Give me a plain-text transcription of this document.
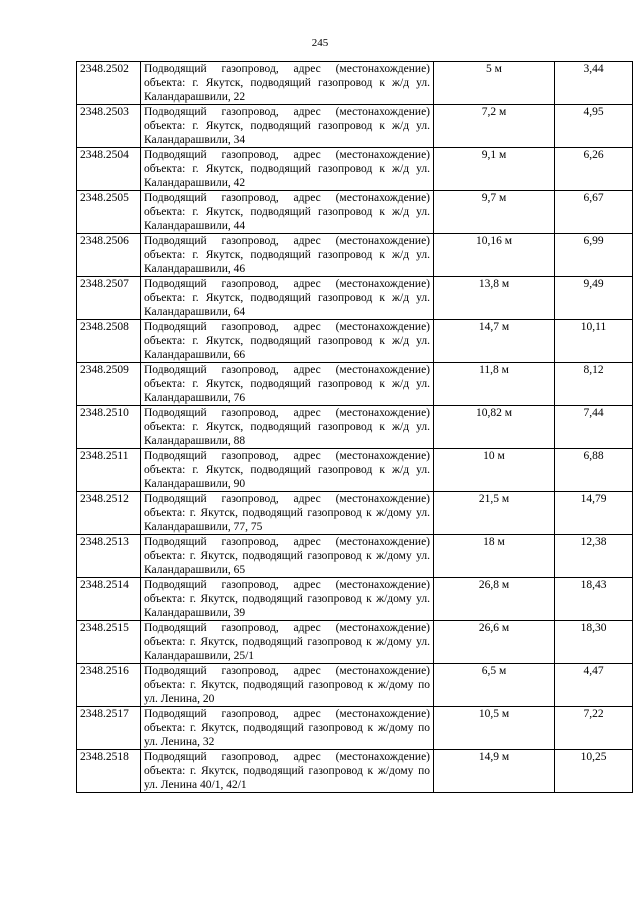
245
2348.2502	Подводящий газопровод, адрес (местонахождение) объекта: г. Якутск, подводящий газопровод к ж/д ул. Каландарашвили, 22	5 м	3,44
2348.2503	Подводящий газопровод, адрес (местонахождение) объекта: г. Якутск, подводящий газопровод к ж/д ул. Каландарашвили, 34	7,2 м	4,95
2348.2504	Подводящий газопровод, адрес (местонахождение) объекта: г. Якутск, подводящий газопровод к ж/д ул. Каландарашвили, 42	9,1 м	6,26
2348.2505	Подводящий газопровод, адрес (местонахождение) объекта: г. Якутск, подводящий газопровод к ж/д ул. Каландарашвили, 44	9,7 м	6,67
2348.2506	Подводящий газопровод, адрес (местонахождение) объекта: г. Якутск, подводящий газопровод к ж/д ул. Каландарашвили, 46	10,16 м	6,99
2348.2507	Подводящий газопровод, адрес (местонахождение) объекта: г. Якутск, подводящий газопровод к ж/д ул. Каландарашвили, 64	13,8 м	9,49
2348.2508	Подводящий газопровод, адрес (местонахождение) объекта: г. Якутск, подводящий газопровод к ж/д ул. Каландарашвили, 66	14,7 м	10,11
2348.2509	Подводящий газопровод, адрес (местонахождение) объекта: г. Якутск, подводящий газопровод к ж/д ул. Каландарашвили, 76	11,8 м	8,12
2348.2510	Подводящий газопровод, адрес (местонахождение) объекта: г. Якутск, подводящий газопровод к ж/д ул. Каландарашвили, 88	10,82 м	7,44
2348.2511	Подводящий газопровод, адрес (местонахождение) объекта: г. Якутск, подводящий газопровод к ж/д ул. Каландарашвили, 90	10 м	6,88
2348.2512	Подводящий газопровод, адрес (местонахождение) объекта: г. Якутск, подводящий газопровод к ж/дому ул. Каландарашвили, 77, 75	21,5 м	14,79
2348.2513	Подводящий газопровод, адрес (местонахождение) объекта: г. Якутск, подводящий газопровод к ж/дому ул. Каландарашвили, 65	18 м	12,38
2348.2514	Подводящий газопровод, адрес (местонахождение) объекта: г. Якутск, подводящий газопровод к ж/дому ул. Каландарашвили, 39	26,8 м	18,43
2348.2515	Подводящий газопровод, адрес (местонахождение) объекта: г. Якутск, подводящий газопровод к ж/дому ул. Каландарашвили, 25/1	26,6 м	18,30
2348.2516	Подводящий газопровод, адрес (местонахождение) объекта: г. Якутск, подводящий газопровод к ж/дому по ул. Ленина, 20	6,5 м	4,47
2348.2517	Подводящий газопровод, адрес (местонахождение) объекта: г. Якутск, подводящий газопровод к ж/дому по ул. Ленина, 32	10,5 м	7,22
2348.2518	Подводящий газопровод, адрес (местонахождение) объекта: г. Якутск, подводящий газопровод к ж/дому по ул. Ленина 40/1, 42/1	14,9 м	10,25
